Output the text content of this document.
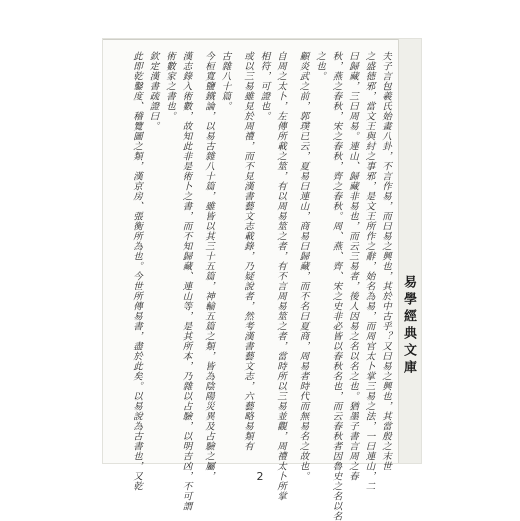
易學經典文庫
夫子言包羲氏始畫八卦，不言作易，而曰易之興也，其於中古乎？又曰易之興也，其當殷之末世
之盛德邪，當文王與紂之事邪，是文王所作之辭，始名為易，而周官太卜掌三易之法，一曰連山，二
曰歸藏，三曰周易。連山、歸藏非易也，而云三易者，後人因易之名以名之也。猶墨子書言周之春
秋，燕之春秋，宋之春秋，齊之春秋。周、燕、齊、宋之史非必皆以春秋名也，而云春秋者因魯史之名以名
之也。
顧炎武之前，郭璞已云，夏易曰連山，商易曰歸藏，而不名曰夏商，周易者時代而無易名之故也。
自周之太卜，左傳所載之筮，有以周易筮之者，有不言周易筮之者，當時所以三易並觀，周禮太卜所掌
相符，可證也。
或以三易雖見於周禮，而不見漢書藝文志載錄，乃疑說者，然考漢書藝文志，六藝略易類有
古雜八十篇。
今桓寬鹽鐵論，以易古雜八十篇，雖皆以其三十五篇，神輸五篇之類，皆為陰陽災異及占驗之屬，
漢志錄入術數，故知此非是術卜之書，而不知歸藏、連山等，是其所本，乃雜以占驗，以明吉凶，不可謂
術數家之書也。
欽定漢書疏證曰。
此即乾鑿度、稽覽圖之類，漢京房、張衡所為也。今世所傳易書，盡於此矣。以易說為古書也，又乾	2
